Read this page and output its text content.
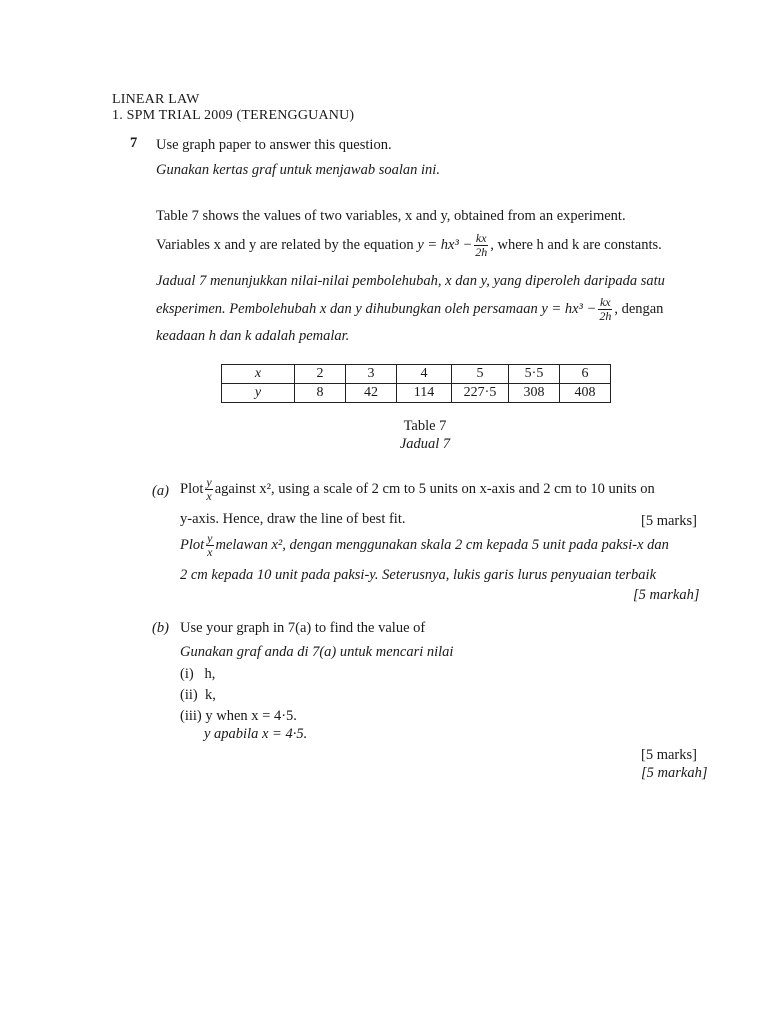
LINEAR LAW
1. SPM TRIAL 2009 (TERENGGUANU)
7 Use graph paper to answer this question.
Gunakan kertas graf untuk menjawab soalan ini.
Table 7 shows the values of two variables, x and y, obtained from an experiment.
Variables x and y are related by the equation $y = hx^3 - \frac{kx}{2h}$ , where h and k are constants.
Jadual 7 menunjukkan nilai-nilai pembolehubah, x dan y, yang diperoleh daripada satu
eksperimen. Pembolehubah x dan y dihubungkan oleh persamaan $y = hx^3 - \frac{kx}{2h}$ , dengan
keadaan h dan k adalah pemalar.
x	2	3	4	5	5·5	6
y	8	42	114	227·5	308	408
Table 7
Jadual 7
(a) Plot $\frac{y}{x}$ against x², using a scale of 2 cm to 5 units on x-axis and 2 cm to 10 units on
y-axis. Hence, draw the line of best fit.	[5 marks]
Plot $\frac{y}{x}$ melawan x², dengan menggunakan skala 2 cm kepada 5 unit pada paksi-x dan
2 cm kepada 10 unit pada paksi-y. Seterusnya, lukis garis lurus penyuaian terbaik
[5 markah]
(b) Use your graph in 7(a) to find the value of
Gunakan graf anda di 7(a) untuk mencari nilai
(i)   h,
(ii)  k,
(iii) y when x = 4·5.
y apabila x = 4·5.
[5 marks]
[5 markah]
